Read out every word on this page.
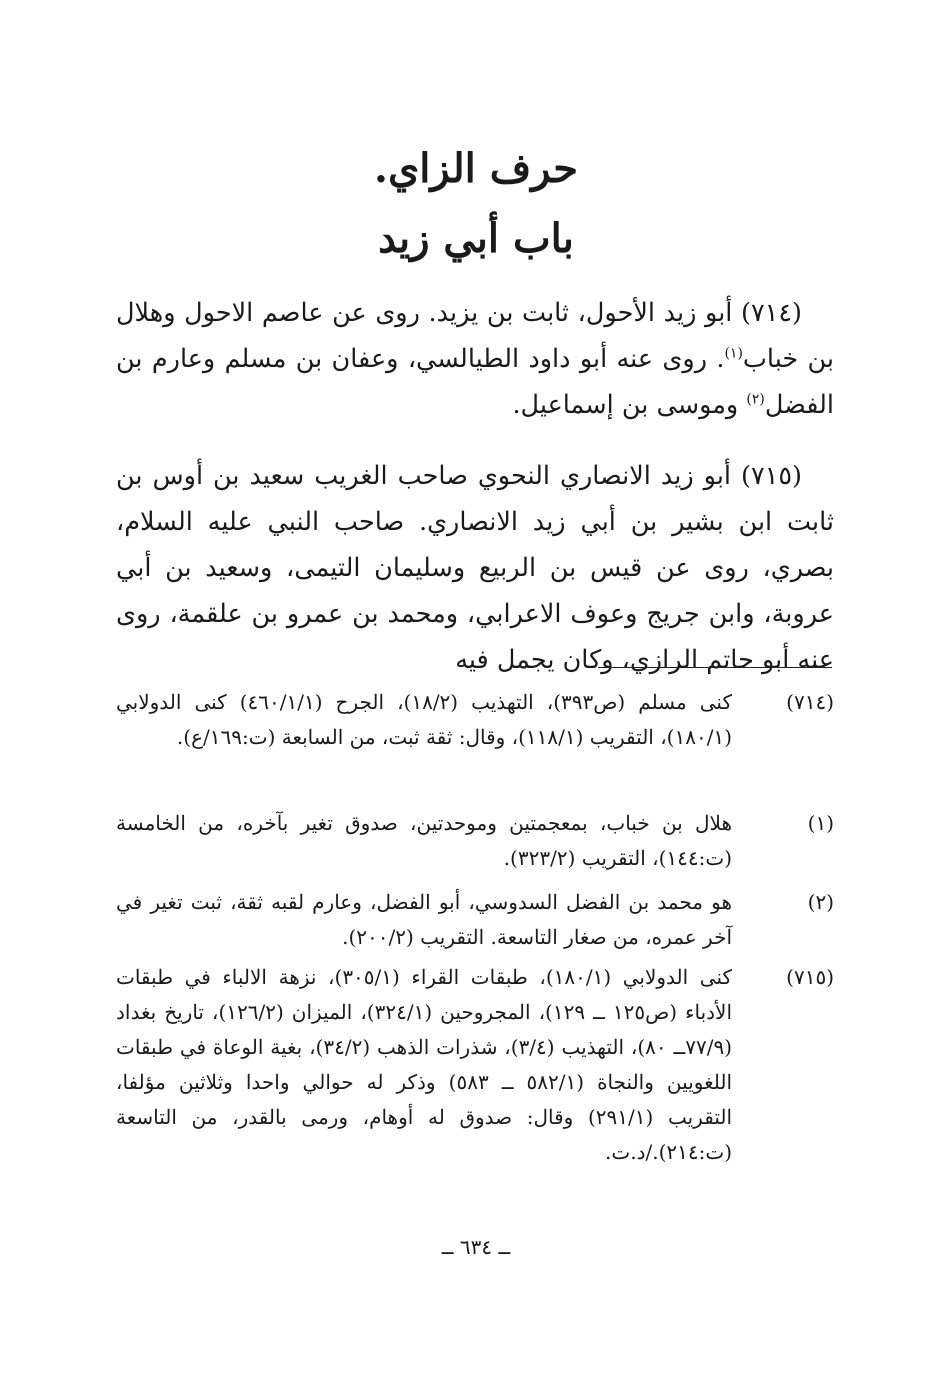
حرف الزاي.
باب أبي زيد

(٧١٤) أبو زيد الأحول، ثابت بن يزيد. روى عن عاصم الاحول وهلال بن خباب$^{(١)}$. روى عنه أبو داود الطيالسي، وعفان بن مسلم وعارم بن الفضل$^{(٢)}$ وموسى بن إسماعيل.

(٧١٥) أبو زيد الانصاري النحوي صاحب الغريب سعيد بن أوس بن ثابت ابن بشير بن أبي زيد الانصاري. صاحب النبي عليه السلام، بصري، روى عن قيس بن الربيع وسليمان التيمى، وسعيد بن أبي عروبة، وابن جريج وعوف الاعرابي، ومحمد بن عمرو بن علقمة، روى عنه أبو حاتم الرازي، وكان يجمل فيه

(٧١٤)
كنى مسلم (ص٣٩٣)، التهذيب (١٨/٢)، الجرح (٤٦٠/١/١) كنى الدولابي (١٨٠/١)، التقريب (١١٨/١)، وقال: ثقة ثبت، من السابعة (ت:١٦٩/ع).
(١)
هلال بن خباب، بمعجمتين وموحدتين، صدوق تغير بآخره، من الخامسة (ت:١٤٤)، التقريب (٣٢٣/٢).
(٢)
هو محمد بن الفضل السدوسي، أبو الفضل، وعارم لقبه ثقة، ثبت تغير في آخر عمره، من صغار التاسعة. التقريب (٢٠٠/٢).
(٧١٥)
كنى الدولابي (١٨٠/١)، طبقات القراء (٣٠٥/١)، نزهة الالباء في طبقات الأدباء (ص١٢٥ ــ ١٢٩)، المجروحين (٣٢٤/١)، الميزان (١٢٦/٢)، تاريخ بغداد (٧٧/٩ــ ٨٠)، التهذيب (٣/٤)، شذرات الذهب (٣٤/٢)، بغية الوعاة في طبقات اللغويين والنجاة (٥٨٢/١ ــ ٥٨٣) وذكر له حوالي واحدا وثلاثين مؤلفا، التقريب (٢٩١/١) وقال: صدوق له أوهام، ورمى بالقدر، من التاسعة (ت:٢١٤)./د.ت.
ــ ٦٣٤ ــ
